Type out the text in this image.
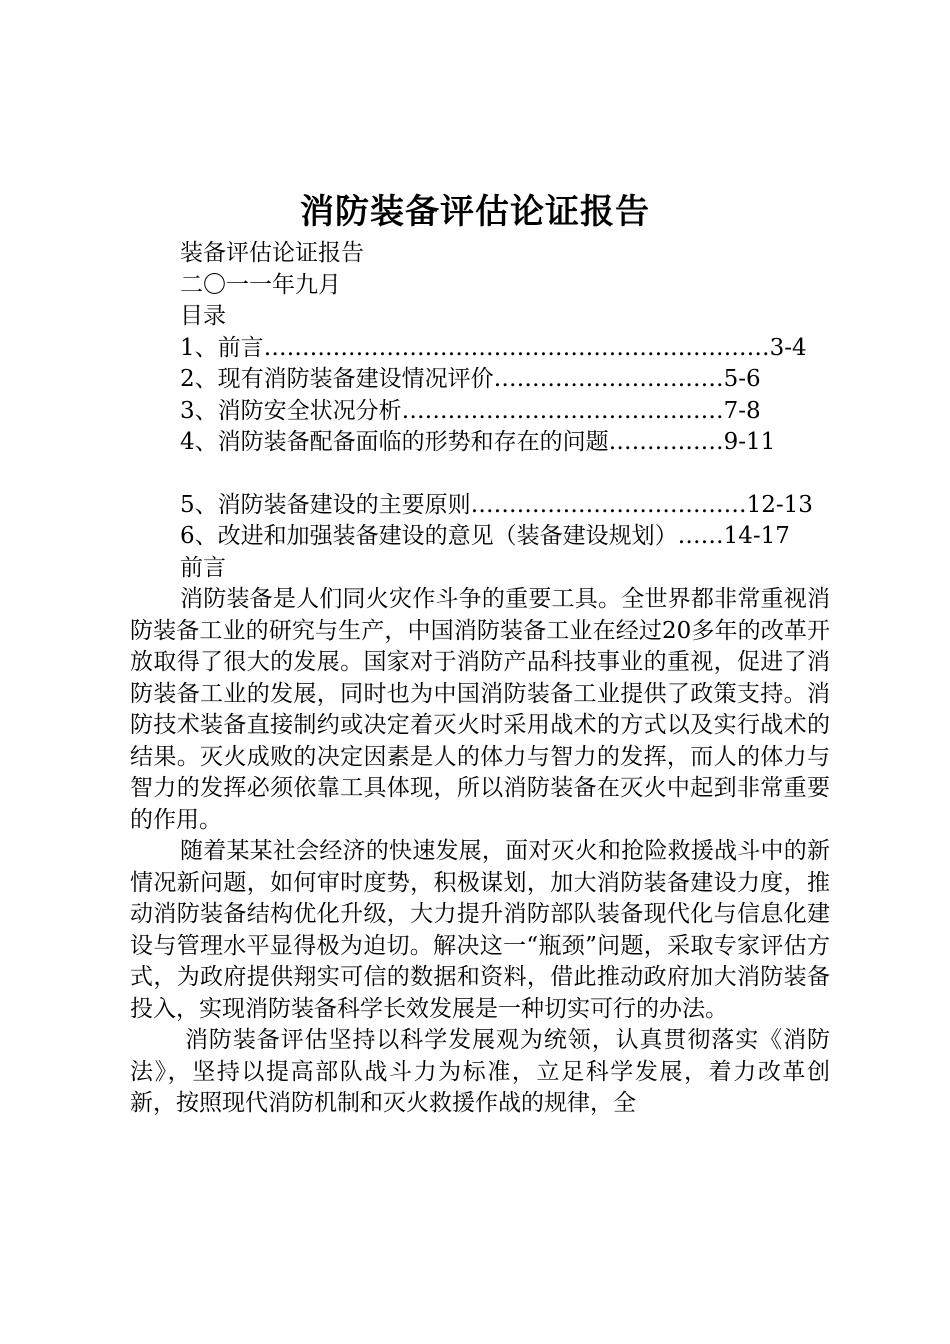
消防装备评估论证报告

装备评估论证报告

二〇一一年九月

目录

1、前言…………………………………………………………3-4

2、现有消防装备建设情况评价…………………………5-6

3、消防安全状况分析……………………………………7-8

4、消防装备配备面临的形势和存在的问题……………9-11

5、消防装备建设的主要原则………………………………12-13

6、改进和加强装备建设的意见（装备建设规划）……14-17

前言

消防装备是人们同火灾作斗争的重要工具。全世界都非常重视消防装备工业的研究与生产，中国消防装备工业在经过20多年的改革开放取得了很大的发展。国家对于消防产品科技事业的重视，促进了消防装备工业的发展，同时也为中国消防装备工业提供了政策支持。消防技术装备直接制约或决定着灭火时采用战术的方式以及实行战术的结果。灭火成败的决定因素是人的体力与智力的发挥，而人的体力与智力的发挥必须依靠工具体现，所以消防装备在灭火中起到非常重要的作用。

随着某某社会经济的快速发展，面对灭火和抢险救援战斗中的新情况新问题，如何审时度势，积极谋划，加大消防装备建设力度，推动消防装备结构优化升级，大力提升消防部队装备现代化与信息化建设与管理水平显得极为迫切。解决这一“瓶颈”问题，采取专家评估方式，为政府提供翔实可信的数据和资料，借此推动政府加大消防装备投入，实现消防装备科学长效发展是一种切实可行的办法。

消防装备评估坚持以科学发展观为统领，认真贯彻落实《消防法》，坚持以提高部队战斗力为标准，立足科学发展，着力改革创新，按照现代消防机制和灭火救援作战的规律，全
